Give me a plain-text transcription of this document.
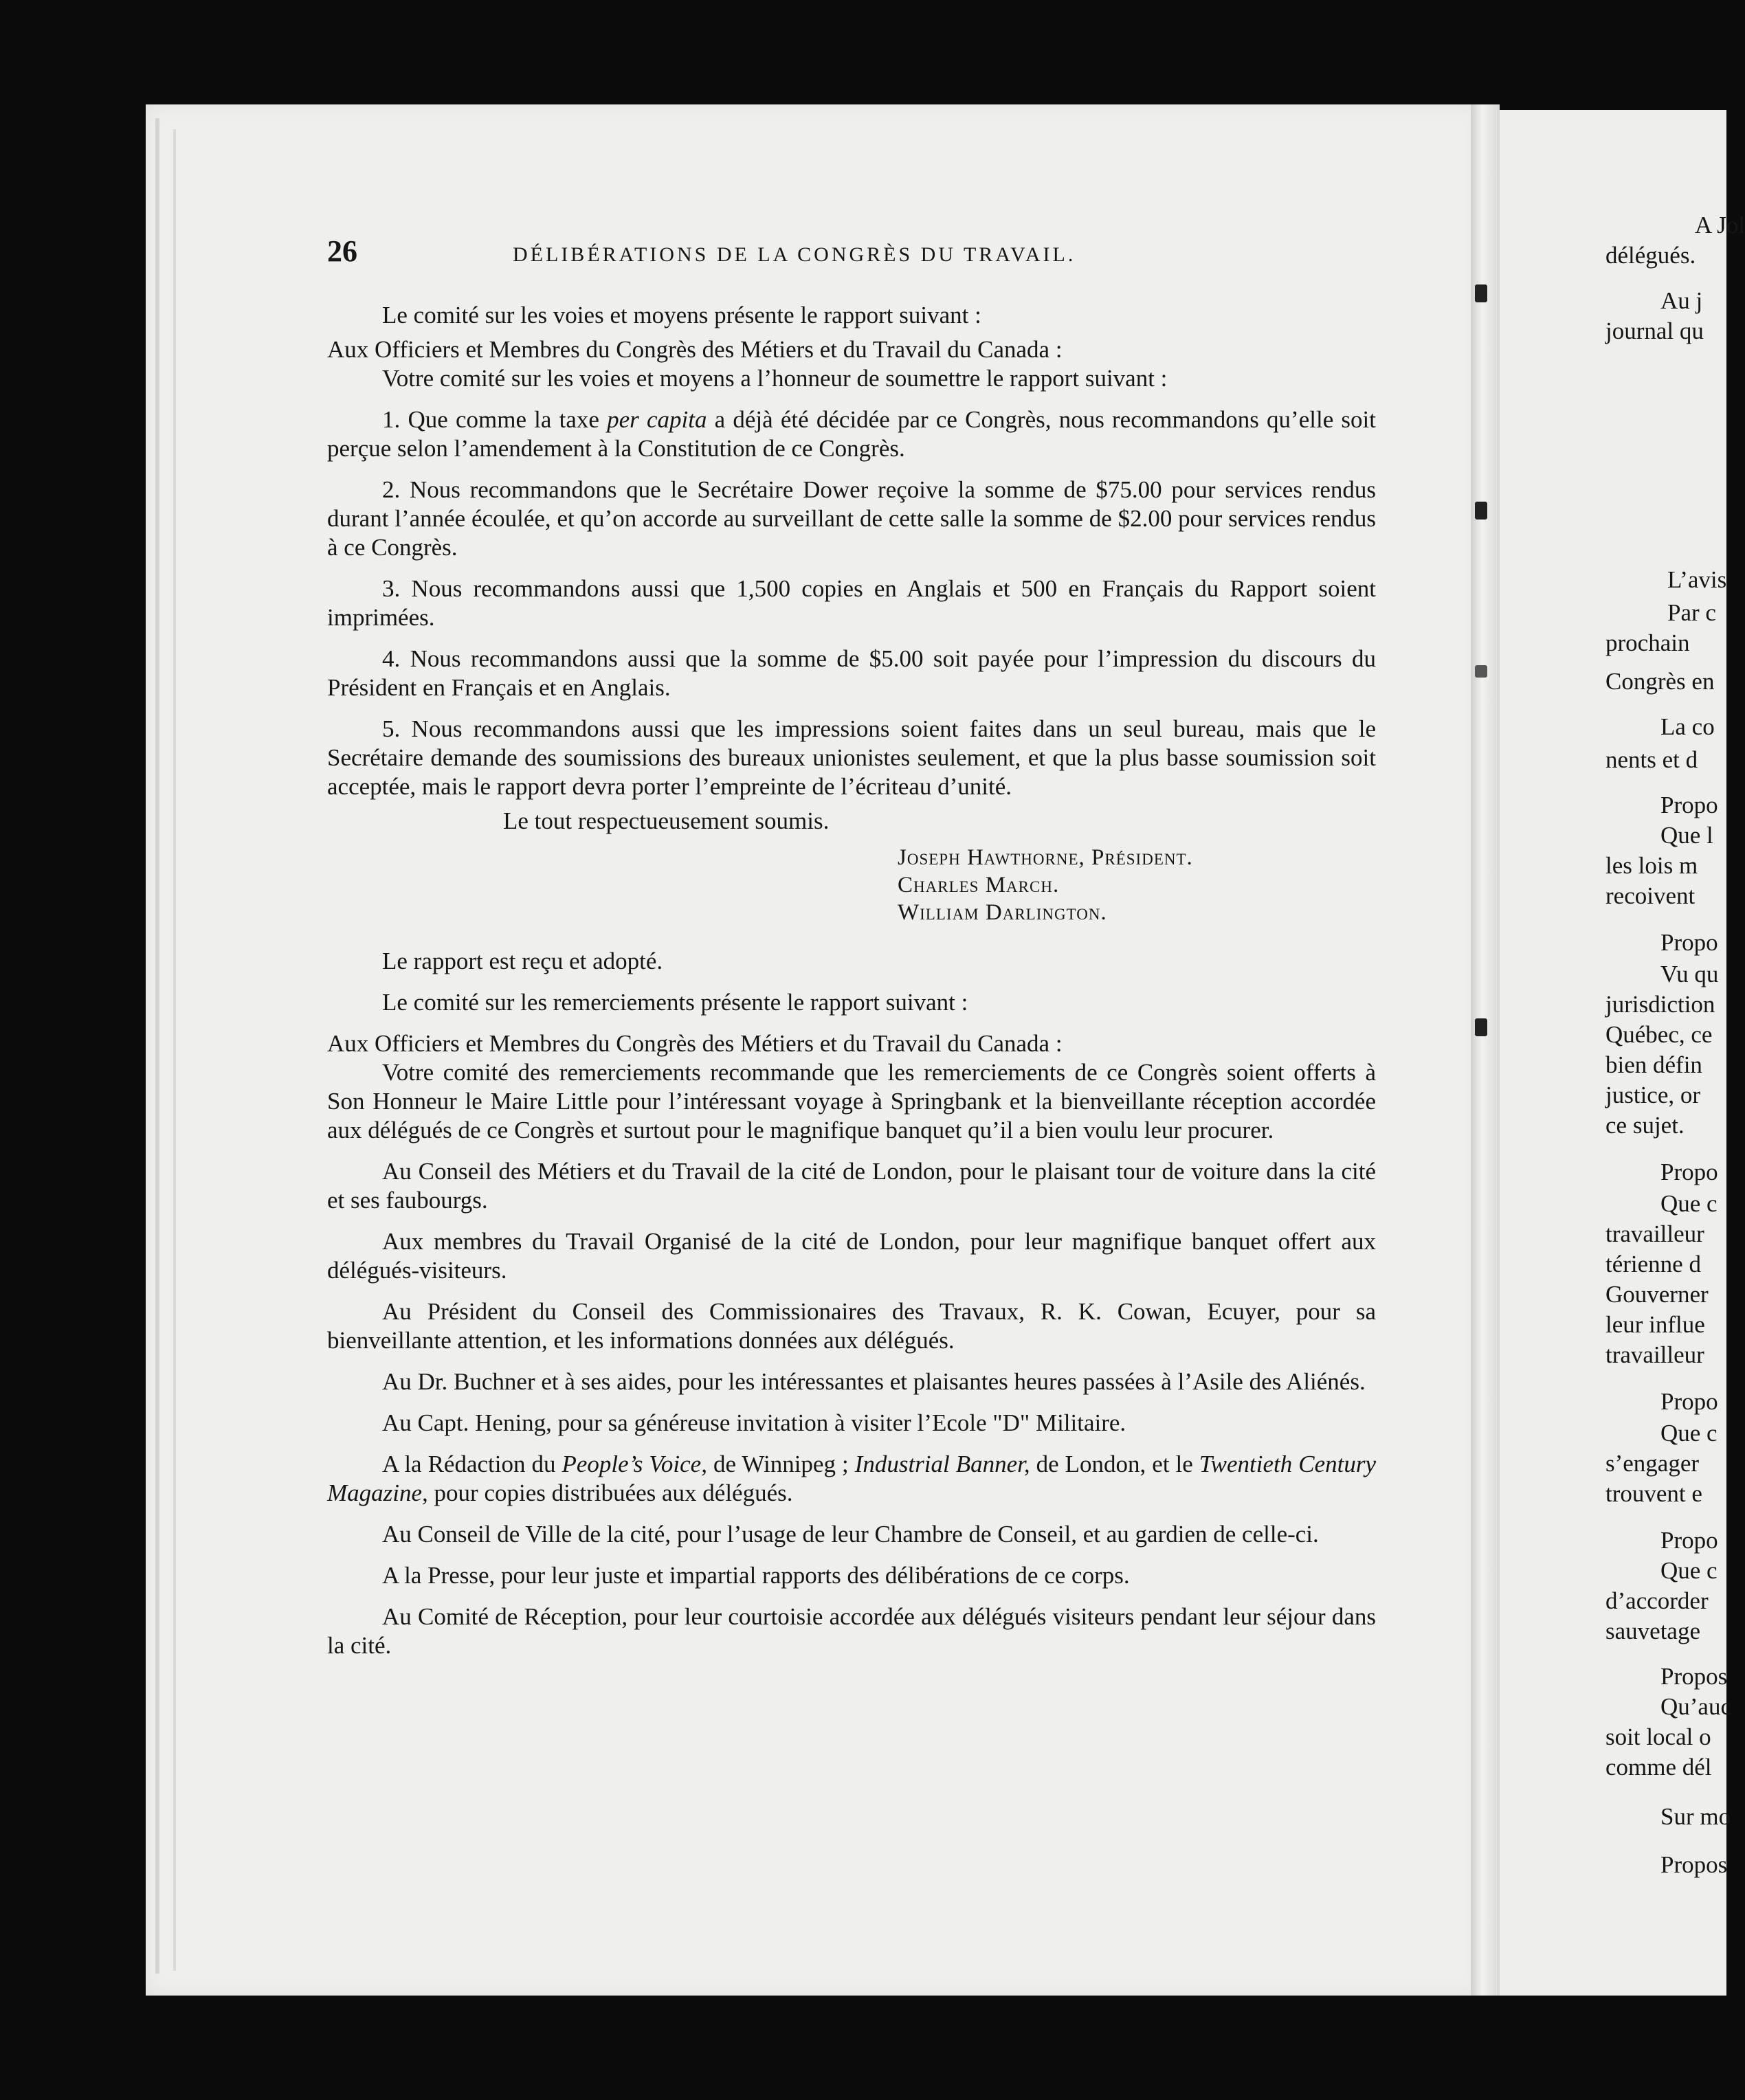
26	DÉLIBÉRATIONS DE LA CONGRÈS DU TRAVAIL.

Le comité sur les voies et moyens présente le rapport suivant :

Aux Officiers et Membres du Congrès des Métiers et du Travail du Canada :

Votre comité sur les voies et moyens a l’honneur de soumettre le rapport suivant :

1. Que comme la taxe per capita a déjà été décidée par ce Congrès, nous recommandons qu’elle soit perçue selon l’amendement à la Constitution de ce Congrès.

2. Nous recommandons que le Secrétaire Dower reçoive la somme de $75.00 pour services rendus durant l’année écoulée, et qu’on accorde au surveillant de cette salle la somme de $2.00 pour services rendus à ce Congrès.

3. Nous recommandons aussi que 1,500 copies en Anglais et 500 en Français du Rapport soient imprimées.

4. Nous recommandons aussi que la somme de $5.00 soit payée pour l’impression du discours du Président en Français et en Anglais.

5. Nous recommandons aussi que les impressions soient faites dans un seul bureau, mais que le Secrétaire demande des soumissions des bureaux unionistes seulement, et que la plus basse soumission soit acceptée, mais le rapport devra porter l’empreinte de l’écriteau d’unité.

Le tout respectueusement soumis.

Joseph Hawthorne, Président.
Charles March.
William Darlington.

Le rapport est reçu et adopté.

Le comité sur les remerciements présente le rapport suivant :

Aux Officiers et Membres du Congrès des Métiers et du Travail du Canada :

Votre comité des remerciements recommande que les remerciements de ce Congrès soient offerts à Son Honneur le Maire Little pour l’intéressant voyage à Springbank et la bienveillante réception accordée aux délégués de ce Congrès et surtout pour le magnifique banquet qu’il a bien voulu leur procurer.

Au Conseil des Métiers et du Travail de la cité de London, pour le plaisant tour de voiture dans la cité et ses faubourgs.

Aux membres du Travail Organisé de la cité de London, pour leur magnifique banquet offert aux délégués-visiteurs.

Au Président du Conseil des Commissionaires des Travaux, R. K. Cowan, Ecuyer, pour sa bienveillante attention, et les informations données aux délégués.

Au Dr. Buchner et à ses aides, pour les intéressantes et plaisantes heures passées à l’Asile des Aliénés.

Au Capt. Hening, pour sa généreuse invitation à visiter l’Ecole "D" Militaire.

A la Rédaction du People’s Voice, de Winnipeg ; Industrial Banner, de London, et le Twentieth Century Magazine, pour copies distribuées aux délégués.

Au Conseil de Ville de la cité, pour l’usage de leur Chambre de Conseil, et au gardien de celle-ci.

A la Presse, pour leur juste et impartial rapports des délibérations de ce corps.

Au Comité de Réception, pour leur courtoisie accordée aux délégués visiteurs pendant leur séjour dans la cité.

A Jol
délégués.
Au j
journal qu
L’avis
Par c
prochain
Congrès en
La co
nents et d
Propo
Que l
les lois m
recoivent
Propo
Vu qu
jurisdiction
Québec, ce
bien défin
justice, or
ce sujet.
Propo
Que c
travailleur
térienne d
Gouverner
leur influe
travailleur
Propo
Que c
s’engager
trouvent e
Propo
Que c
d’accorder
sauvetage
Propos
Qu’auc
soit local o
comme dél
Sur mo
Propos
